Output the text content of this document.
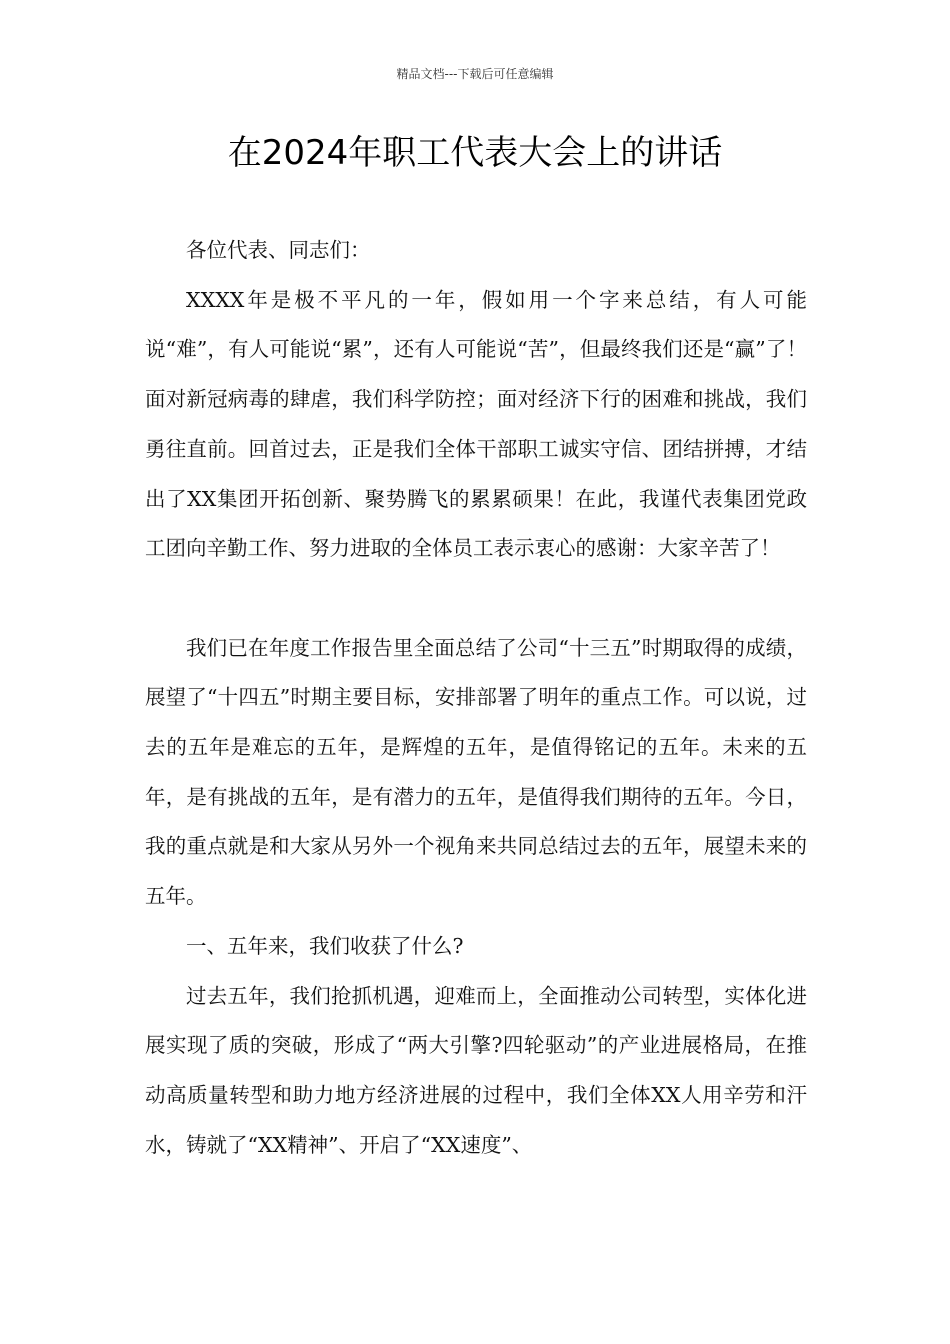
精品文档---下载后可任意编辑
在2024年职工代表大会上的讲话

各位代表、同志们：

XXXX年是极不平凡的一年，假如用一个字来总结，有人可能说“难”，有人可能说“累”，还有人可能说“苦”，但最终我们还是“赢”了！面对新冠病毒的肆虐，我们科学防控；面对经济下行的困难和挑战，我们勇往直前。回首过去，正是我们全体干部职工诚实守信、团结拼搏，才结出了XX集团开拓创新、聚势腾飞的累累硕果！在此，我谨代表集团党政工团向辛勤工作、努力进取的全体员工表示衷心的感谢：大家辛苦了！

我们已在年度工作报告里全面总结了公司“十三五”时期取得的成绩，展望了“十四五”时期主要目标，安排部署了明年的重点工作。可以说，过去的五年是难忘的五年，是辉煌的五年，是值得铭记的五年。未来的五年，是有挑战的五年，是有潜力的五年，是值得我们期待的五年。今日，我的重点就是和大家从另外一个视角来共同总结过去的五年，展望未来的五年。

一、五年来，我们收获了什么?

过去五年，我们抢抓机遇，迎难而上，全面推动公司转型，实体化进展实现了质的突破，形成了“两大引擎?四轮驱动”的产业进展格局，在推动高质量转型和助力地方经济进展的过程中，我们全体XX人用辛劳和汗水，铸就了“XX精神”、开启了“XX速度”、
